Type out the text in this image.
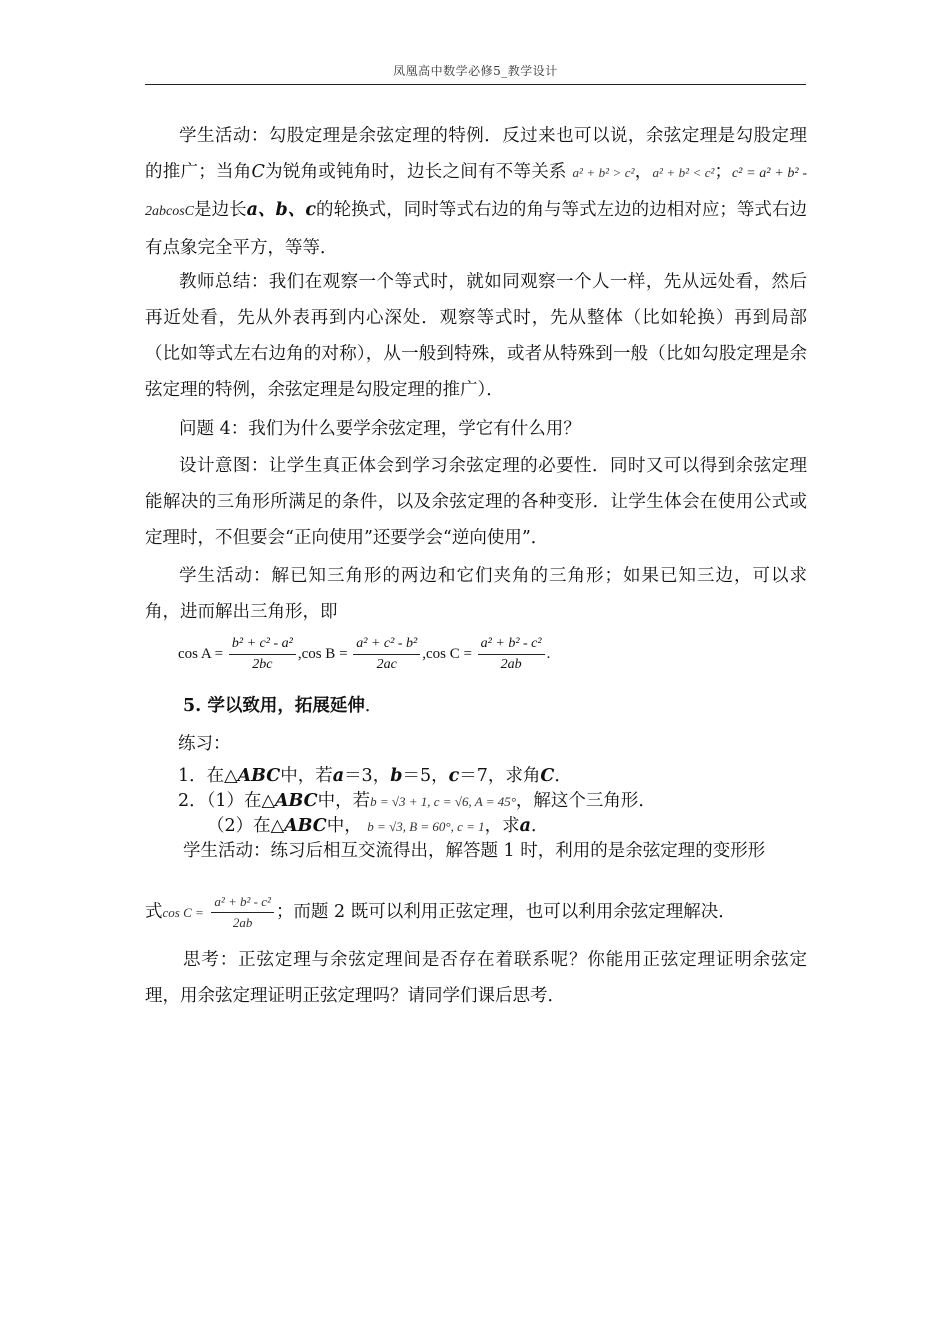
凤凰高中数学必修5_教学设计

学生活动：勾股定理是余弦定理的特例．反过来也可以说，余弦定理是勾股定理的推广；当角C为锐角或钝角时，边长之间有不等关系 a² + b² > c²，a² + b² < c²；c² = a² + b² - 2abcosC是边长a、b、c的轮换式，同时等式右边的角与等式左边的边相对应；等式右边有点象完全平方，等等．

教师总结：我们在观察一个等式时，就如同观察一个人一样，先从远处看，然后再近处看，先从外表再到内心深处．观察等式时，先从整体（比如轮换）再到局部（比如等式左右边角的对称），从一般到特殊，或者从特殊到一般（比如勾股定理是余弦定理的特例，余弦定理是勾股定理的推广）．

问题 4：我们为什么要学余弦定理，学它有什么用？

设计意图：让学生真正体会到学习余弦定理的必要性．同时又可以得到余弦定理能解决的三角形所满足的条件，以及余弦定理的各种变形．让学生体会在使用公式或定理时，不但要会“正向使用”还要学会“逆向使用”．

学生活动：解已知三角形的两边和它们夹角的三角形；如果已知三边，可以求角，进而解出三角形，即

$\cos A = \frac{\text{b² + c² - a²}}{2bc} ,\cos$ $B = \frac{\text{a² + c² - b²}}{2ac} ,\cos$ $C = \frac{\text{a² + b² - c²}}{2ab}$ .
5. 学以致用，拓展延伸．
练习：
1．在△ABC中，若a＝3，b＝5，c＝7，求角C．
2．（1）在△ABC中，若b = √3 + 1, c = √6, A = 45°，解这个三角形．
（2）在△ABC中， b = √3, B = 60°, c = 1，求a．
学生活动：练习后相互交流得出，解答题 1 时，利用的是余弦定理的变形形
式$\cos C = \frac{\text{a² + b² - c²}}{2ab}$ ；而题 2 既可以利用正弦定理，也可以利用余弦定理解决．

思考：正弦定理与余弦定理间是否存在着联系呢？你能用正弦定理证明余弦定理，用余弦定理证明正弦定理吗？请同学们课后思考．
